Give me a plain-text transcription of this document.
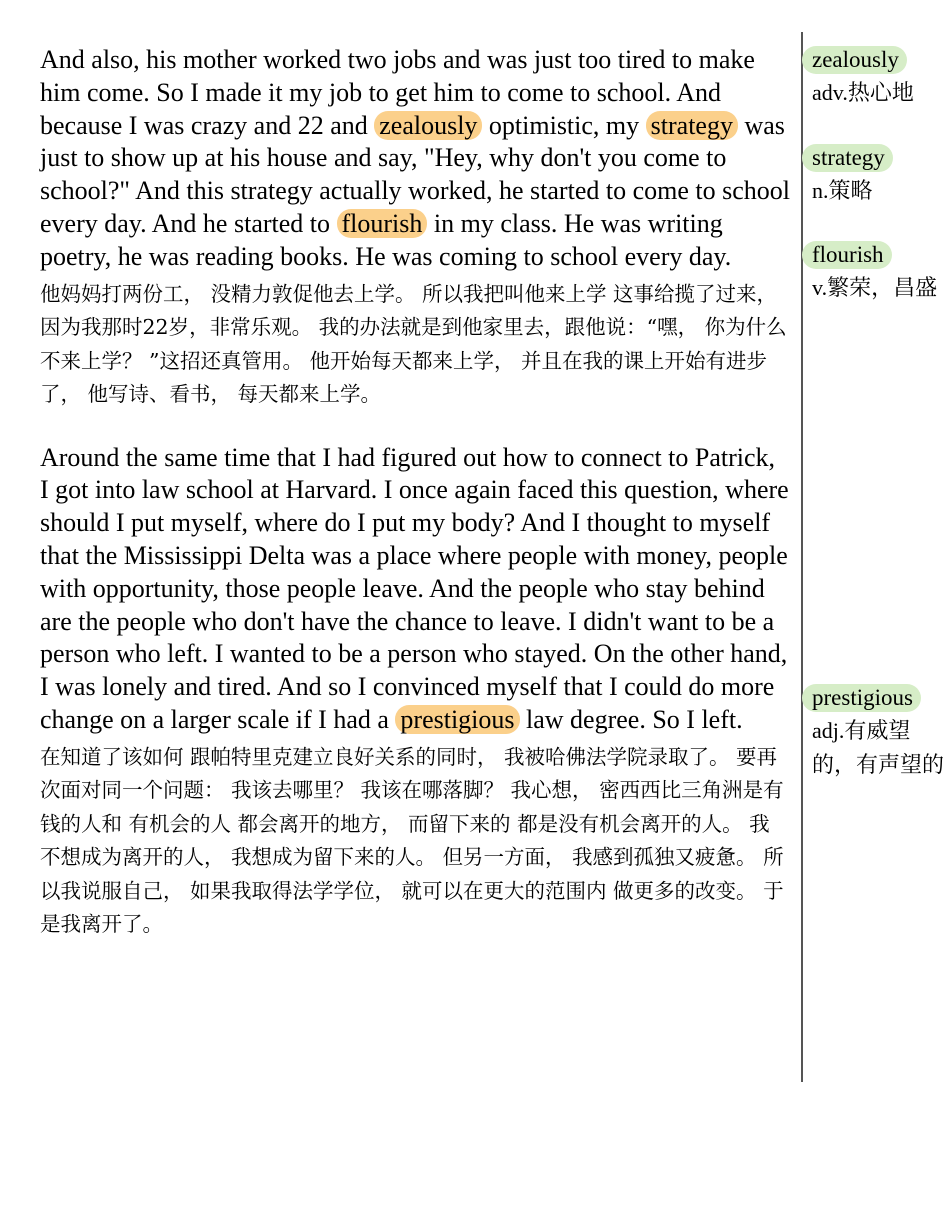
And also, his mother worked two jobs and was just too tired to make him come. So I made it my job to get him to come to school. And because I was crazy and 22 and zealously optimistic, my strategy was just to show up at his house and say, "Hey, why don't you come to school?" And this strategy actually worked, he started to come to school every day. And he started to flourish in my class. He was writing poetry, he was reading books. He was coming to school every day.

他妈妈打两份工， 没精力敦促他去上学。 所以我把叫他来上学 这事给揽了过来， 因为我那时22岁，非常乐观。 我的办法就是到他家里去，跟他说：“嘿， 你为什么不来上学？ ”这招还真管用。 他开始每天都来上学， 并且在我的课上开始有进步了， 他写诗、看书， 每天都来上学。

Around the same time that I had figured out how to connect to Patrick, I got into law school at Harvard. I once again faced this question, where should I put myself, where do I put my body? And I thought to myself that the Mississippi Delta was a place where people with money, people with opportunity, those people leave. And the people who stay behind are the people who don't have the chance to leave. I didn't want to be a person who left. I wanted to be a person who stayed. On the other hand, I was lonely and tired. And so I convinced myself that I could do more change on a larger scale if I had a prestigious law degree. So I left.

在知道了该如何 跟帕特里克建立良好关系的同时， 我被哈佛法学院录取了。 要再次面对同一个问题： 我该去哪里？ 我该在哪落脚？ 我心想， 密西西比三角洲是有钱的人和 有机会的人 都会离开的地方， 而留下来的 都是没有机会离开的人。 我不想成为离开的人， 我想成为留下来的人。 但另一方面， 我感到孤独又疲惫。 所以我说服自己， 如果我取得法学学位， 就可以在更大的范围内 做更多的改变。 于是我离开了。

zealously

adv.热心地

strategy

n.策略

flourish

v.繁荣，昌盛

prestigious

adj.有威望的，有声望的
